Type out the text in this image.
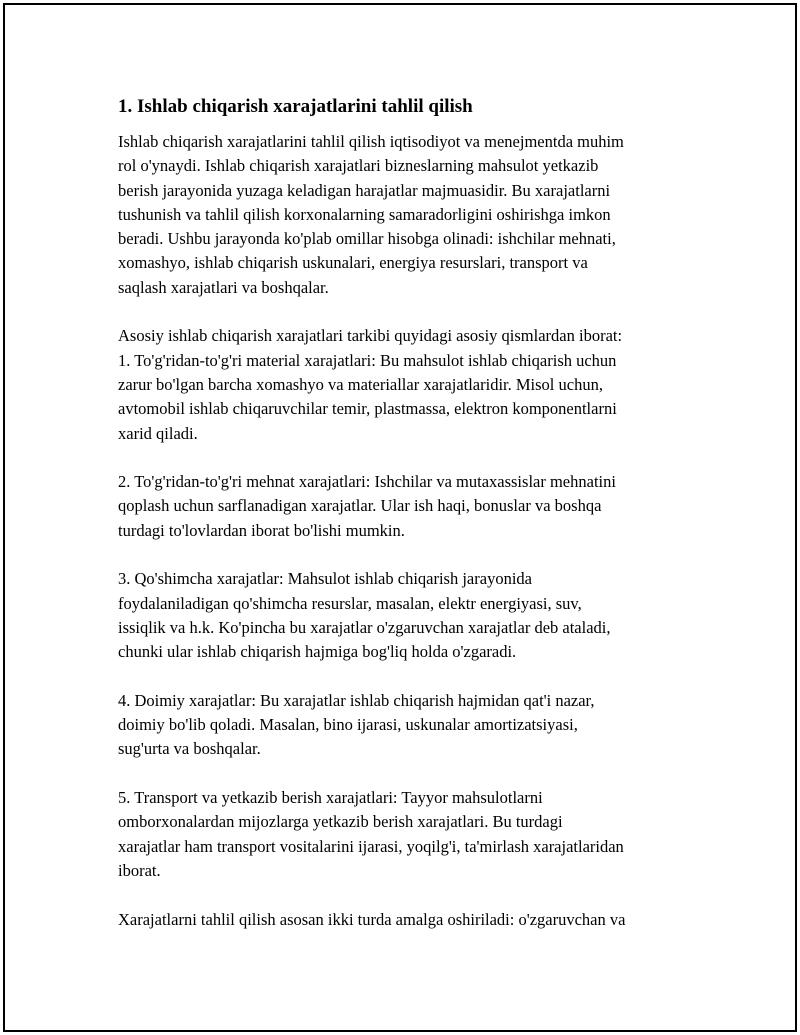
1. Ishlab chiqarish xarajatlarini tahlil qilish

Ishlab chiqarish xarajatlarini tahlil qilish iqtisodiyot va menejmentda muhim
rol o'ynaydi. Ishlab chiqarish xarajatlari bizneslarning mahsulot yetkazib
berish jarayonida yuzaga keladigan harajatlar majmuasidir. Bu xarajatlarni
tushunish va tahlil qilish korxonalarning samaradorligini oshirishga imkon
beradi. Ushbu jarayonda ko'plab omillar hisobga olinadi: ishchilar mehnati,
xomashyo, ishlab chiqarish uskunalari, energiya resurslari, transport va
saqlash xarajatlari va boshqalar.

Asosiy ishlab chiqarish xarajatlari tarkibi quyidagi asosiy qismlardan iborat:
1. To'g'ridan-to'g'ri material xarajatlari: Bu mahsulot ishlab chiqarish uchun
zarur bo'lgan barcha xomashyo va materiallar xarajatlaridir. Misol uchun,
avtomobil ishlab chiqaruvchilar temir, plastmassa, elektron komponentlarni
xarid qiladi.

2. To'g'ridan-to'g'ri mehnat xarajatlari: Ishchilar va mutaxassislar mehnatini
qoplash uchun sarflanadigan xarajatlar. Ular ish haqi, bonuslar va boshqa
turdagi to'lovlardan iborat bo'lishi mumkin.

3. Qo'shimcha xarajatlar: Mahsulot ishlab chiqarish jarayonida
foydalaniladigan qo'shimcha resurslar, masalan, elektr energiyasi, suv,
issiqlik va h.k. Ko'pincha bu xarajatlar o'zgaruvchan xarajatlar deb ataladi,
chunki ular ishlab chiqarish hajmiga bog'liq holda o'zgaradi.

4. Doimiy xarajatlar: Bu xarajatlar ishlab chiqarish hajmidan qat'i nazar,
doimiy bo'lib qoladi. Masalan, bino ijarasi, uskunalar amortizatsiyasi,
sug'urta va boshqalar.

5. Transport va yetkazib berish xarajatlari: Tayyor mahsulotlarni
omborxonalardan mijozlarga yetkazib berish xarajatlari. Bu turdagi
xarajatlar ham transport vositalarini ijarasi, yoqilg'i, ta'mirlash xarajatlaridan
iborat.

Xarajatlarni tahlil qilish asosan ikki turda amalga oshiriladi: o'zgaruvchan va
